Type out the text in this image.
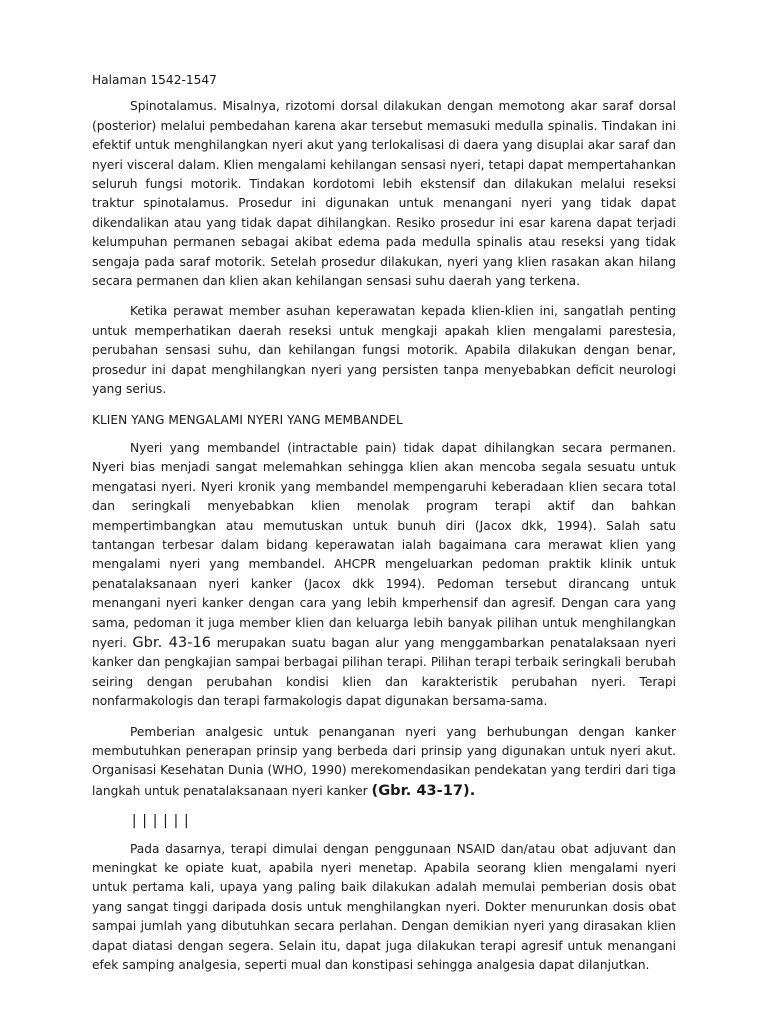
Halaman 1542-1547

Spinotalamus. Misalnya, rizotomi dorsal dilakukan dengan memotong akar saraf dorsal (posterior) melalui pembedahan karena akar tersebut memasuki medulla spinalis. Tindakan ini efektif untuk menghilangkan nyeri akut yang terlokalisasi di daera yang disuplai akar saraf dan nyeri visceral dalam. Klien mengalami kehilangan sensasi nyeri, tetapi dapat mempertahankan seluruh fungsi motorik. Tindakan kordotomi lebih ekstensif dan dilakukan melalui reseksi traktur spinotalamus. Prosedur ini digunakan untuk menangani nyeri yang tidak dapat dikendalikan atau yang tidak dapat dihilangkan. Resiko prosedur ini esar karena dapat terjadi kelumpuhan permanen sebagai akibat edema pada medulla spinalis atau reseksi yang tidak sengaja pada saraf motorik. Setelah prosedur dilakukan, nyeri yang klien rasakan akan hilang secara permanen dan klien akan kehilangan sensasi suhu daerah yang terkena.

Ketika perawat member asuhan keperawatan kepada klien-klien ini, sangatlah penting untuk memperhatikan daerah reseksi untuk mengkaji apakah klien mengalami parestesia, perubahan sensasi suhu, dan kehilangan fungsi motorik. Apabila dilakukan dengan benar, prosedur ini dapat menghilangkan nyeri yang persisten tanpa menyebabkan deficit neurologi yang serius.

KLIEN YANG MENGALAMI NYERI YANG MEMBANDEL

Nyeri yang membandel (intractable pain) tidak dapat dihilangkan secara permanen. Nyeri bias menjadi sangat melemahkan sehingga klien akan mencoba segala sesuatu untuk mengatasi nyeri. Nyeri kronik yang membandel mempengaruhi keberadaan klien secara total dan seringkali menyebabkan klien menolak program terapi aktif dan bahkan mempertimbangkan atau memutuskan untuk bunuh diri (Jacox dkk, 1994). Salah satu tantangan terbesar dalam bidang keperawatan ialah bagaimana cara merawat klien yang mengalami nyeri yang membandel. AHCPR mengeluarkan pedoman praktik klinik untuk penatalaksanaan nyeri kanker (Jacox dkk 1994). Pedoman tersebut dirancang untuk menangani nyeri kanker dengan cara yang lebih kmperhensif dan agresif. Dengan cara yang sama, pedoman it juga member klien dan keluarga lebih banyak pilihan untuk menghilangkan nyeri. Gbr. 43-16 merupakan suatu bagan alur yang menggambarkan penatalaksaan nyeri kanker dan pengkajian sampai berbagai pilihan terapi. Pilihan terapi terbaik seringkali berubah seiring dengan perubahan kondisi klien dan karakteristik perubahan nyeri. Terapi nonfarmakologis dan terapi farmakologis dapat digunakan bersama-sama.

Pemberian analgesic untuk penanganan nyeri yang berhubungan dengan kanker membutuhkan penerapan prinsip yang berbeda dari prinsip yang digunakan untuk nyeri akut. Organisasi Kesehatan Dunia (WHO, 1990) merekomendasikan pendekatan yang terdiri dari tiga langkah untuk penatalaksanaan nyeri kanker (Gbr. 43-17).

||||||

Pada dasarnya, terapi dimulai dengan penggunaan NSAID dan/atau obat adjuvant dan meningkat ke opiate kuat, apabila nyeri menetap. Apabila seorang klien mengalami nyeri untuk pertama kali, upaya yang paling baik dilakukan adalah memulai pemberian dosis obat yang sangat tinggi daripada dosis untuk menghilangkan nyeri. Dokter menurunkan dosis obat sampai jumlah yang dibutuhkan secara perlahan. Dengan demikian nyeri yang dirasakan klien dapat diatasi dengan segera. Selain itu, dapat juga dilakukan terapi agresif untuk menangani efek samping analgesia, seperti mual dan konstipasi sehingga analgesia dapat dilanjutkan.
